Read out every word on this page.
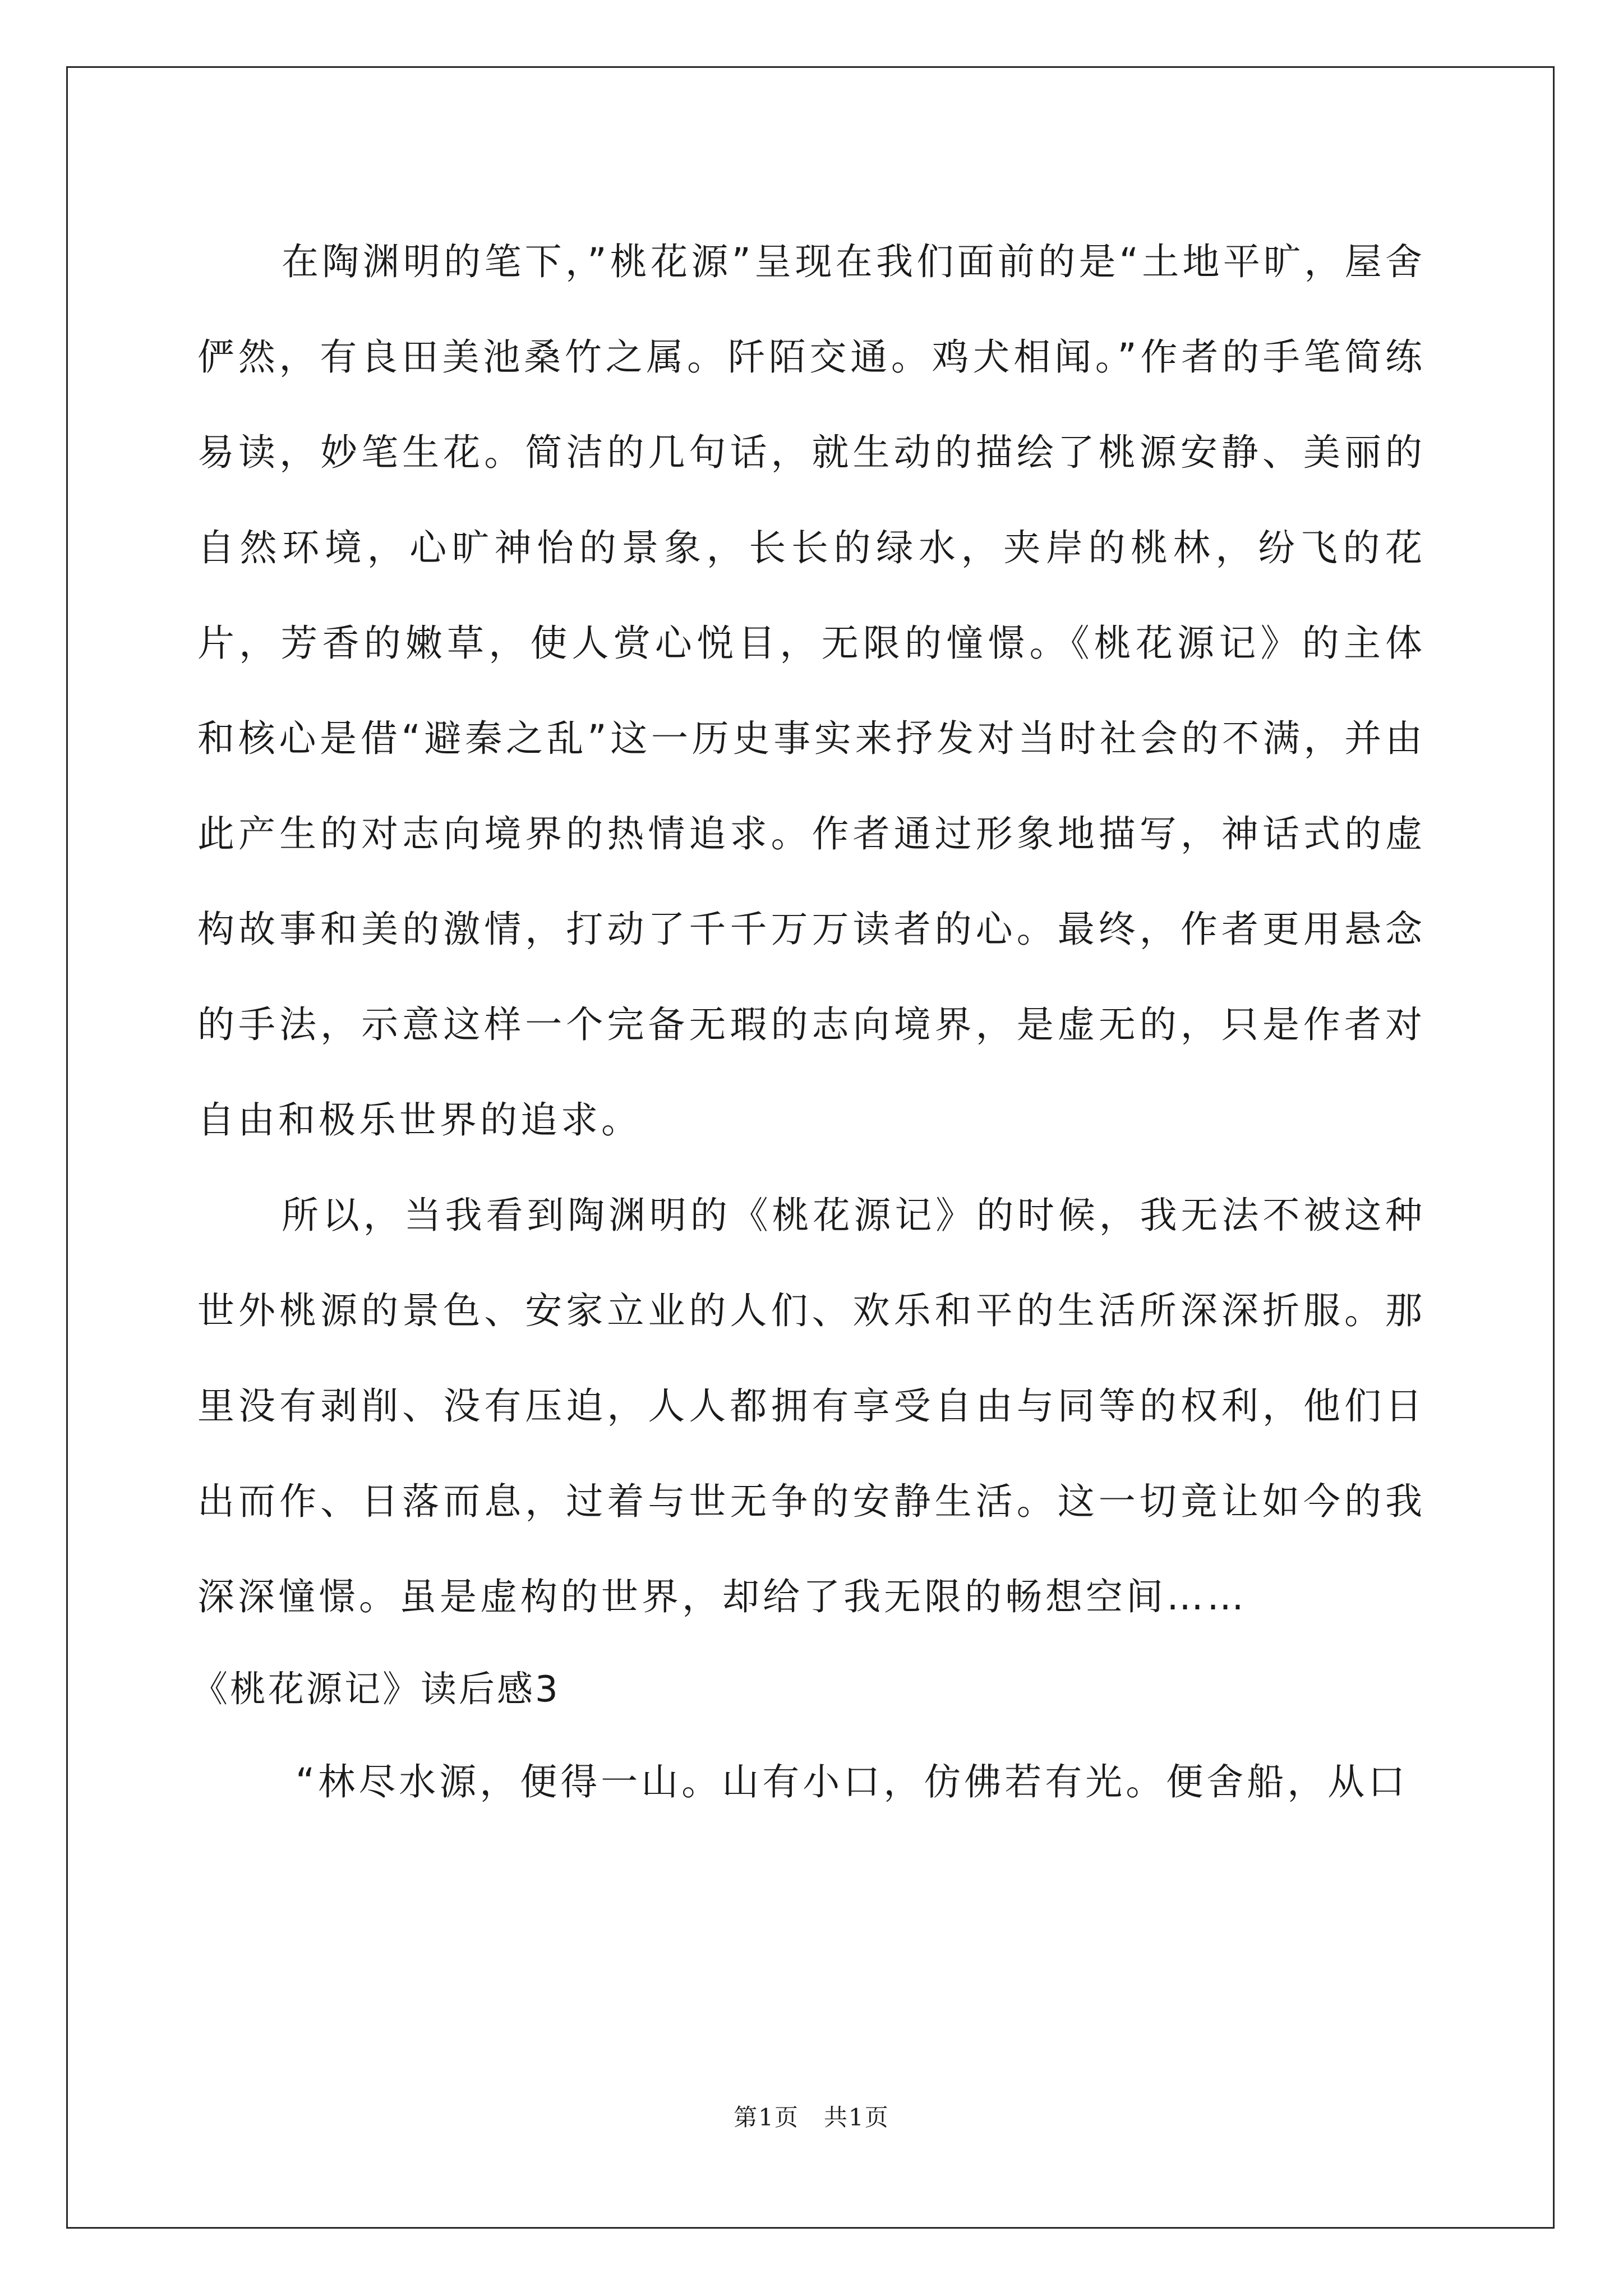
在陶渊明的笔下，”桃花源”呈现在我们面前的是“土地平旷，屋舍俨然，有良田美池桑竹之属。阡陌交通。鸡犬相闻。”作者的手笔简练易读，妙笔生花。简洁的几句话，就生动的描绘了桃源安静、美丽的自然环境，心旷神怡的景象，长长的绿水，夹岸的桃林，纷飞的花片，芳香的嫩草，使人赏心悦目，无限的憧憬。《桃花源记》的主体和核心是借“避秦之乱”这一历史事实来抒发对当时社会的不满，并由此产生的对志向境界的热情追求。作者通过形象地描写，神话式的虚构故事和美的激情，打动了千千万万读者的心。最终，作者更用悬念的手法，示意这样一个完备无瑕的志向境界，是虚无的，只是作者对自由和极乐世界的追求。

所以，当我看到陶渊明的《桃花源记》的时候，我无法不被这种世外桃源的景色、安家立业的人们、欢乐和平的生活所深深折服。那里没有剥削、没有压迫，人人都拥有享受自由与同等的权利，他们日出而作、日落而息，过着与世无争的安静生活。这一切竟让如今的我深深憧憬。虽是虚构的世界，却给了我无限的畅想空间……

《桃花源记》读后感3

“林尽水源，便得一山。山有小口，仿佛若有光。便舍船，从口

第1页　共1页
